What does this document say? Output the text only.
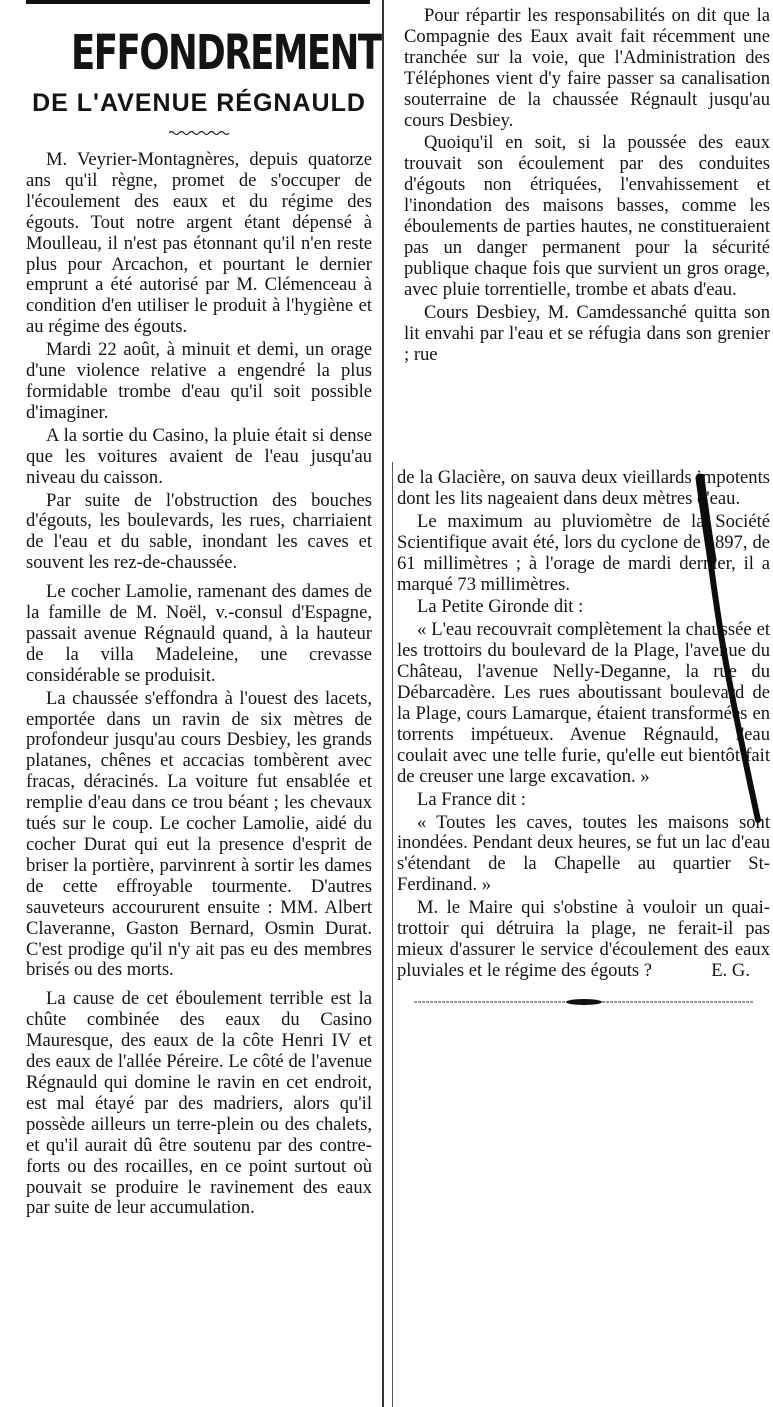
EFFONDREMENT
DE L'AVENUE RÉGNAULD

M. Veyrier-Montagnères, depuis quatorze ans qu'il règne, promet de s'occuper de l'écoulement des eaux et du régime des égouts. Tout notre argent étant dépensé à Moulleau, il n'est pas étonnant qu'il n'en reste plus pour Arcachon, et pourtant le dernier emprunt a été autorisé par M. Clémenceau à condition d'en utiliser le produit à l'hygiène et au régime des égouts.

Mardi 22 août, à minuit et demi, un orage d'une violence relative a engendré la plus formidable trombe d'eau qu'il soit possible d'imaginer.

A la sortie du Casino, la pluie était si dense que les voitures avaient de l'eau jusqu'au niveau du caisson.

Par suite de l'obstruction des bouches d'égouts, les boulevards, les rues, charriaient de l'eau et du sable, inondant les caves et souvent les rez-de-chaussée.

Le cocher Lamolie, ramenant des dames de la famille de M. Noël, v.-consul d'Espagne, passait avenue Régnauld quand, à la hauteur de la villa Madeleine, une crevasse considérable se produisit.

La chaussée s'effondra à l'ouest des lacets, emportée dans un ravin de six mètres de profondeur jusqu'au cours Desbiey, les grands platanes, chênes et accacias tombèrent avec fracas, déracinés. La voiture fut ensablée et remplie d'eau dans ce trou béant ; les chevaux tués sur le coup. Le cocher Lamolie, aidé du cocher Durat qui eut la presence d'esprit de briser la portière, parvinrent à sortir les dames de cette effroyable tourmente. D'autres sauveteurs accoururent ensuite : MM. Albert Claveranne, Gaston Bernard, Osmin Durat. C'est prodige qu'il n'y ait pas eu des membres brisés ou des morts.

La cause de cet éboulement terrible est la chûte combinée des eaux du Casino Mauresque, des eaux de la côte Henri IV et des eaux de l'allée Péreire. Le côté de l'avenue Régnauld qui domine le ravin en cet endroit, est mal étayé par des madriers, alors qu'il possède ailleurs un terre-plein ou des chalets, et qu'il aurait dû être soutenu par des contre-forts ou des rocailles, en ce point surtout où pouvait se produire le ravinement des eaux par suite de leur accumulation.

Pour répartir les responsabilités on dit que la Compagnie des Eaux avait fait récemment une tranchée sur la voie, que l'Administration des Téléphones vient d'y faire passer sa canalisation souterraine de la chaussée Régnault jusqu'au cours Desbiey.

Quoiqu'il en soit, si la poussée des eaux trouvait son écoulement par des conduites d'égouts non étriquées, l'envahissement et l'inondation des maisons basses, comme les éboulements de parties hautes, ne constitueraient pas un danger permanent pour la sécurité publique chaque fois que survient un gros orage, avec pluie torrentielle, trombe et abats d'eau.

Cours Desbiey, M. Camdessanché quitta son lit envahi par l'eau et se réfugia dans son grenier ; rue

de la Glacière, on sauva deux vieillards impotents dont les lits nageaient dans deux mètres d'eau.

Le maximum au pluviomètre de la Société Scientifique avait été, lors du cyclone de 1897, de 61 millimètres ; à l'orage de mardi dernier, il a marqué 73 millimètres.

La Petite Gironde dit :

« L'eau recouvrait complètement la chaussée et les trottoirs du boulevard de la Plage, l'avenue du Château, l'avenue Nelly-Deganne, la rue du Débarcadère. Les rues aboutissant boulevard de la Plage, cours Lamarque, étaient transformées en torrents impétueux. Avenue Régnauld, l'eau coulait avec une telle furie, qu'elle eut bientôt fait de creuser une large excavation. »

La France dit :

« Toutes les caves, toutes les maisons sont inondées. Pendant deux heures, se fut un lac d'eau s'étendant de la Chapelle au quartier St-Ferdinand. »

M. le Maire qui s'obstine à vouloir un quai-trottoir qui détruira la plage, ne ferait-il pas mieux d'assurer le service d'écoulement des eaux pluviales et le régime des égouts ?	E. G.
